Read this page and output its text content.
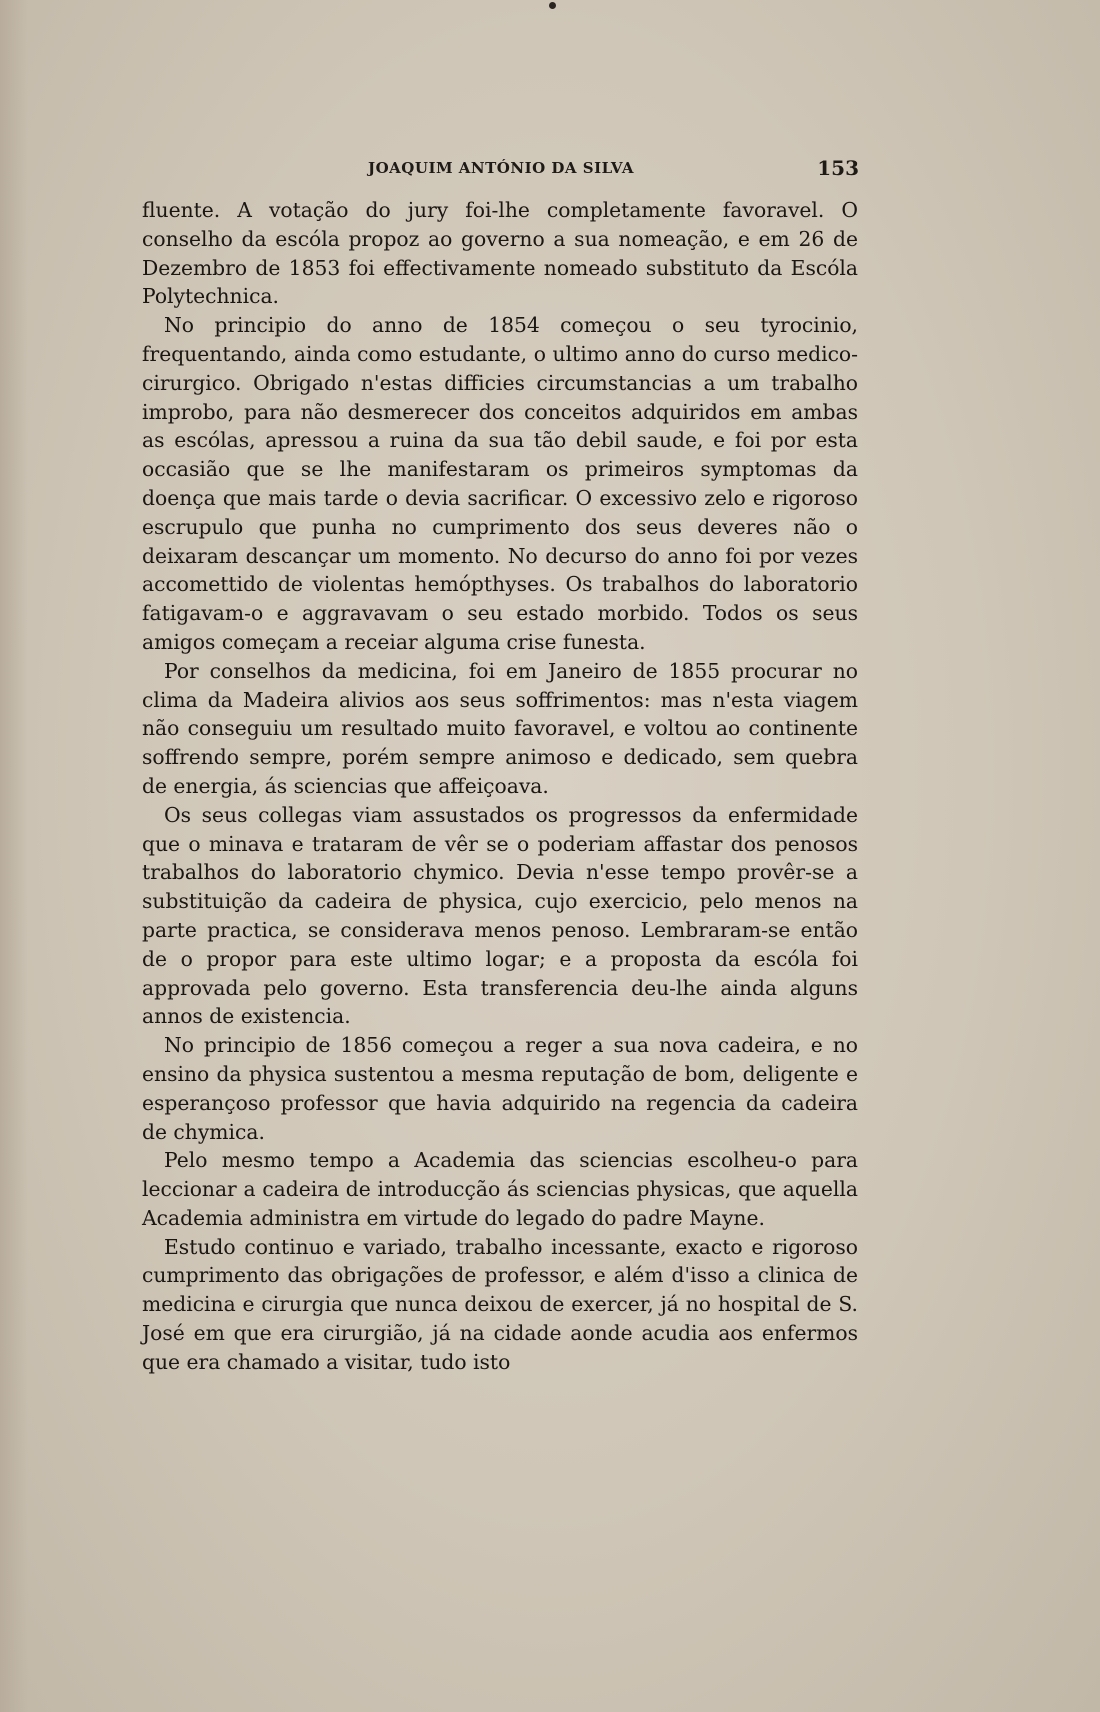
JOAQUIM ANTÓNIO DA SILVA	153

fluente. A votação do jury foi-lhe completamente favoravel. O conselho da escóla propoz ao governo a sua nomeação, e em 26 de Dezembro de 1853 foi effectivamente nomeado substituto da Escóla Polytechnica.

No principio do anno de 1854 começou o seu tyrocinio, frequentando, ainda como estudante, o ultimo anno do curso medico-cirurgico. Obrigado n'estas difficies circumstancias a um trabalho improbo, para não desmerecer dos conceitos adquiridos em ambas as escólas, apressou a ruina da sua tão debil saude, e foi por esta occasião que se lhe manifestaram os primeiros symptomas da doença que mais tarde o devia sacrificar. O excessivo zelo e rigoroso escrupulo que punha no cumprimento dos seus deveres não o deixaram descançar um momento. No decurso do anno foi por vezes accomettido de violentas hemópthyses. Os trabalhos do laboratorio fatigavam-o e aggravavam o seu estado morbido. Todos os seus amigos começam a receiar alguma crise funesta.

Por conselhos da medicina, foi em Janeiro de 1855 procurar no clima da Madeira alivios aos seus soffrimentos: mas n'esta viagem não conseguiu um resultado muito favoravel, e voltou ao continente soffrendo sempre, porém sempre animoso e dedicado, sem quebra de energia, ás sciencias que affeiçoava.

Os seus collegas viam assustados os progressos da enfermidade que o minava e trataram de vêr se o poderiam affastar dos penosos trabalhos do laboratorio chymico. Devia n'esse tempo provêr-se a substituição da cadeira de physica, cujo exercicio, pelo menos na parte practica, se considerava menos penoso. Lembraram-se então de o propor para este ultimo logar; e a proposta da escóla foi approvada pelo governo. Esta transferencia deu-lhe ainda alguns annos de existencia.

No principio de 1856 começou a reger a sua nova cadeira, e no ensino da physica sustentou a mesma reputação de bom, deligente e esperançoso professor que havia adquirido na regencia da cadeira de chymica.

Pelo mesmo tempo a Academia das sciencias escolheu-o para leccionar a cadeira de introducção ás sciencias physicas, que aquella Academia administra em virtude do legado do padre Mayne.

Estudo continuo e variado, trabalho incessante, exacto e rigoroso cumprimento das obrigações de professor, e além d'isso a clinica de medicina e cirurgia que nunca deixou de exercer, já no hospital de S. José em que era cirurgião, já na cidade aonde acudia aos enfermos que era chamado a visitar, tudo isto
